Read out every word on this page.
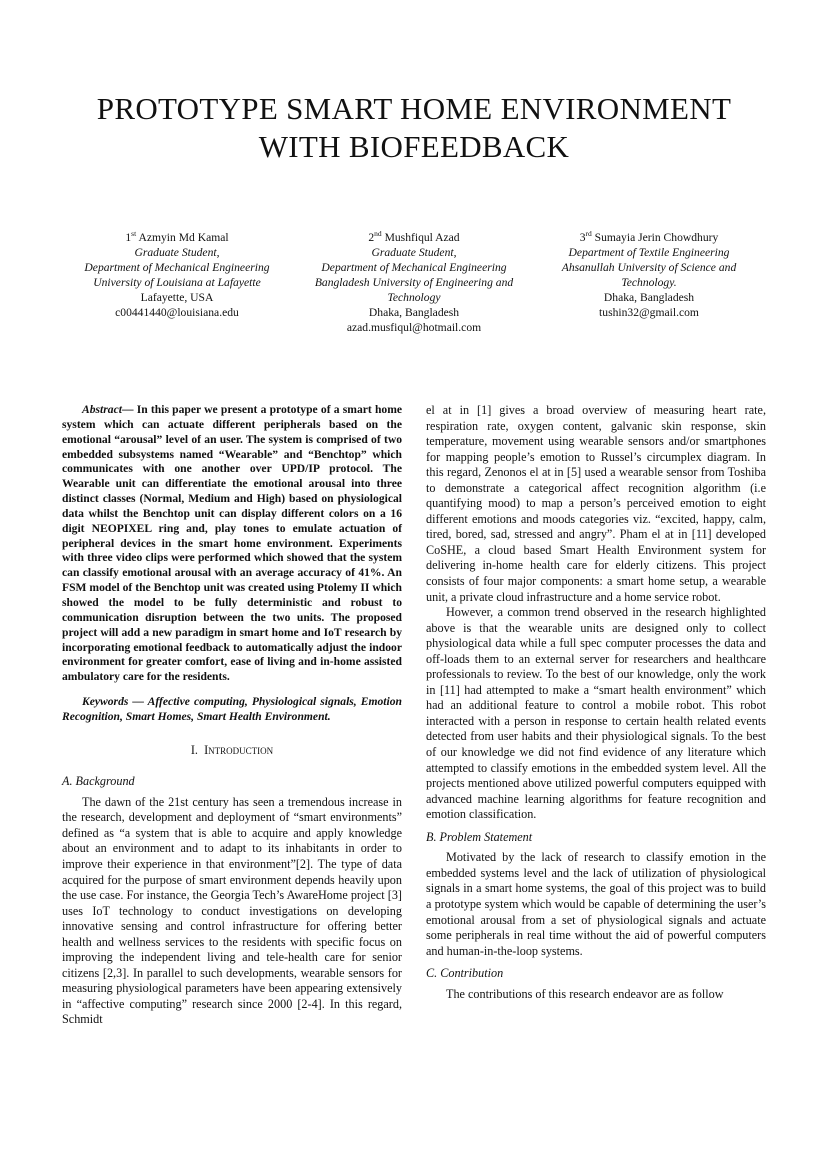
PROTOTYPE SMART HOME ENVIRONMENT
WITH BIOFEEDBACK
1st Azmyin Md Kamal
Graduate Student,
Department of Mechanical Engineering
University of Louisiana at Lafayette
Lafayette, USA
c00441440@louisiana.edu
2nd Mushfiqul Azad
Graduate Student,
Department of Mechanical Engineering
Bangladesh University of Engineering and
Technology
Dhaka, Bangladesh
azad.musfiqul@hotmail.com
3rd Sumayia Jerin Chowdhury
Department of Textile Engineering
Ahsanullah University of Science and
Technology.
Dhaka, Bangladesh
tushin32@gmail.com

Abstract— In this paper we present a prototype of a smart home system which can actuate different peripherals based on the emotional “arousal” level of an user. The system is comprised of two embedded subsystems named “Wearable” and “Benchtop” which communicates with one another over UPD/IP protocol. The Wearable unit can differentiate the emotional arousal into three distinct classes (Normal, Medium and High) based on physiological data whilst the Benchtop unit can display different colors on a 16 digit NEOPIXEL ring and, play tones to emulate actuation of peripheral devices in the smart home environment. Experiments with three video clips were performed which showed that the system can classify emotional arousal with an average accuracy of 41%. An FSM model of the Benchtop unit was created using Ptolemy II which showed the model to be fully deterministic and robust to communication disruption between the two units. The proposed project will add a new paradigm in smart home and IoT research by incorporating emotional feedback to automatically adjust the indoor environment for greater comfort, ease of living and in-home assisted ambulatory care for the residents.

Keywords — Affective computing, Physiological signals, Emotion Recognition, Smart Homes, Smart Health Environment.

I. Introduction

A. Background

The dawn of the 21st century has seen a tremendous increase in the research, development and deployment of “smart environments” defined as “a system that is able to acquire and apply knowledge about an environment and to adapt to its inhabitants in order to improve their experience in that environment”[2]. The type of data acquired for the purpose of smart environment depends heavily upon the use case. For instance, the Georgia Tech’s AwareHome project [3] uses IoT technology to conduct investigations on developing innovative sensing and control infrastructure for offering better health and wellness services to the residents with specific focus on improving the independent living and tele-health care for senior citizens [2,3]. In parallel to such developments, wearable sensors for measuring physiological parameters have been appearing extensively in “affective computing” research since 2000 [2-4]. In this regard, Schmidt

el at in [1] gives a broad overview of measuring heart rate, respiration rate, oxygen content, galvanic skin response, skin temperature, movement using wearable sensors and/or smartphones for mapping people’s emotion to Russel’s circumplex diagram. In this regard, Zenonos el at in [5] used a wearable sensor from Toshiba to demonstrate a categorical affect recognition algorithm (i.e quantifying mood) to map a person’s perceived emotion to eight different emotions and moods categories viz. “excited, happy, calm, tired, bored, sad, stressed and angry”. Pham el at in [11] developed CoSHE, a cloud based Smart Health Environment system for delivering in-home health care for elderly citizens. This project consists of four major components: a smart home setup, a wearable unit, a private cloud infrastructure and a home service robot.

However, a common trend observed in the research highlighted above is that the wearable units are designed only to collect physiological data while a full spec computer processes the data and off-loads them to an external server for researchers and healthcare professionals to review. To the best of our knowledge, only the work in [11] had attempted to make a “smart health environment” which had an additional feature to control a mobile robot. This robot interacted with a person in response to certain health related events detected from user habits and their physiological signals. To the best of our knowledge we did not find evidence of any literature which attempted to classify emotions in the embedded system level. All the projects mentioned above utilized powerful computers equipped with advanced machine learning algorithms for feature recognition and emotion classification.

B. Problem Statement

Motivated by the lack of research to classify emotion in the embedded systems level and the lack of utilization of physiological signals in a smart home systems, the goal of this project was to build a prototype system which would be capable of determining the user’s emotional arousal from a set of physiological signals and actuate some peripherals in real time without the aid of powerful computers and human-in-the-loop systems.

C. Contribution

The contributions of this research endeavor are as follow
